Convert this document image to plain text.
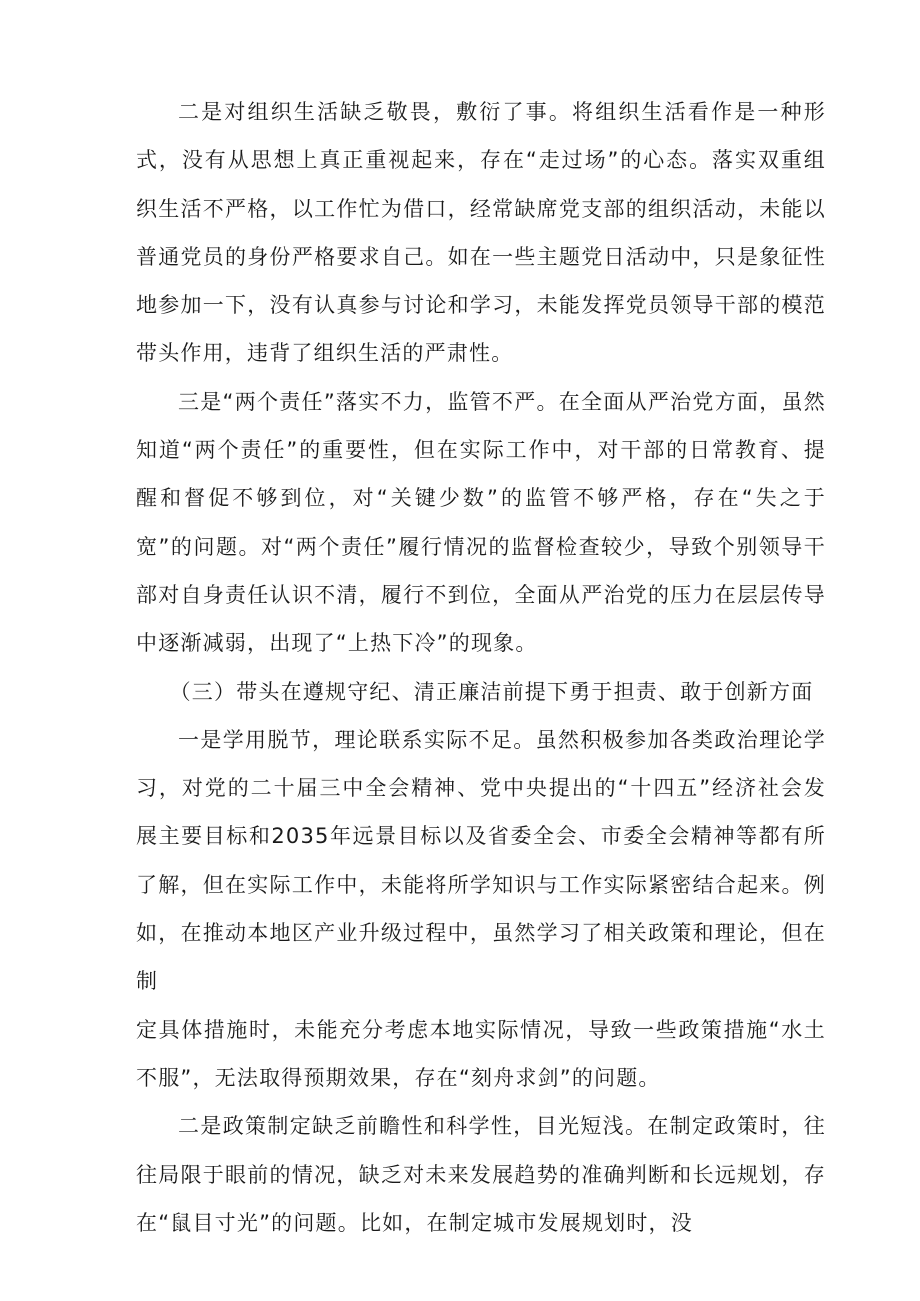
二是对组织生活缺乏敬畏，敷衍了事。将组织生活看作是一种形式，没有从思想上真正重视起来，存在“走过场”的心态。落实双重组织生活不严格，以工作忙为借口，经常缺席党支部的组织活动，未能以普通党员的身份严格要求自己。如在一些主题党日活动中，只是象征性地参加一下，没有认真参与讨论和学习，未能发挥党员领导干部的模范带头作用，违背了组织生活的严肃性。

三是“两个责任”落实不力，监管不严。在全面从严治党方面，虽然知道“两个责任”的重要性，但在实际工作中，对干部的日常教育、提醒和督促不够到位，对“关键少数”的监管不够严格，存在“失之于宽”的问题。对“两个责任”履行情况的监督检查较少，导致个别领导干部对自身责任认识不清，履行不到位，全面从严治党的压力在层层传导中逐渐减弱，出现了“上热下冷”的现象。

（三）带头在遵规守纪、清正廉洁前提下勇于担责、敢于创新方面

一是学用脱节，理论联系实际不足。虽然积极参加各类政治理论学习，对党的二十届三中全会精神、党中央提出的“十四五”经济社会发展主要目标和2035年远景目标以及省委全会、市委全会精神等都有所了解，但在实际工作中，未能将所学知识与工作实际紧密结合起来。例如，在推动本地区产业升级过程中，虽然学习了相关政策和理论，但在制

定具体措施时，未能充分考虑本地实际情况，导致一些政策措施“水土不服”，无法取得预期效果，存在“刻舟求剑”的问题。

二是政策制定缺乏前瞻性和科学性，目光短浅。在制定政策时，往往局限于眼前的情况，缺乏对未来发展趋势的准确判断和长远规划，存在“鼠目寸光”的问题。比如，在制定城市发展规划时，没
